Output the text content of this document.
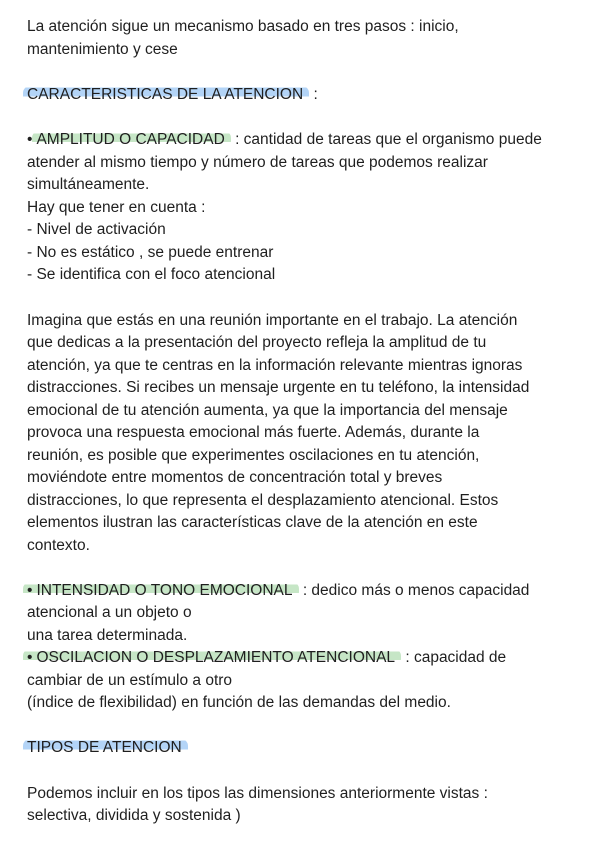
La atención sigue un mecanismo basado en tres pasos : inicio,
mantenimiento y cese
CARACTERISTICAS DE LA ATENCION :
• AMPLITUD O CAPACIDAD : cantidad de tareas que el organismo puede
atender al mismo tiempo y número de tareas que podemos realizar
simultáneamente.
Hay que tener en cuenta :
- Nivel de activación
- No es estático , se puede entrenar
- Se identifica con el foco atencional
Imagina que estás en una reunión importante en el trabajo. La atención
que dedicas a la presentación del proyecto refleja la amplitud de tu
atención, ya que te centras en la información relevante mientras ignoras
distracciones. Si recibes un mensaje urgente en tu teléfono, la intensidad
emocional de tu atención aumenta, ya que la importancia del mensaje
provoca una respuesta emocional más fuerte. Además, durante la
reunión, es posible que experimentes oscilaciones en tu atención,
moviéndote entre momentos de concentración total y breves
distracciones, lo que representa el desplazamiento atencional. Estos
elementos ilustran las características clave de la atención en este
contexto.
• INTENSIDAD O TONO EMOCIONAL : dedico más o menos capacidad
atencional a un objeto o
una tarea determinada.
• OSCILACION O DESPLAZAMIENTO ATENCIONAL : capacidad de
cambiar de un estímulo a otro
(índice de flexibilidad) en función de las demandas del medio.
TIPOS DE ATENCION
Podemos incluir en los tipos las dimensiones anteriormente vistas :
selectiva, dividida y sostenida )
